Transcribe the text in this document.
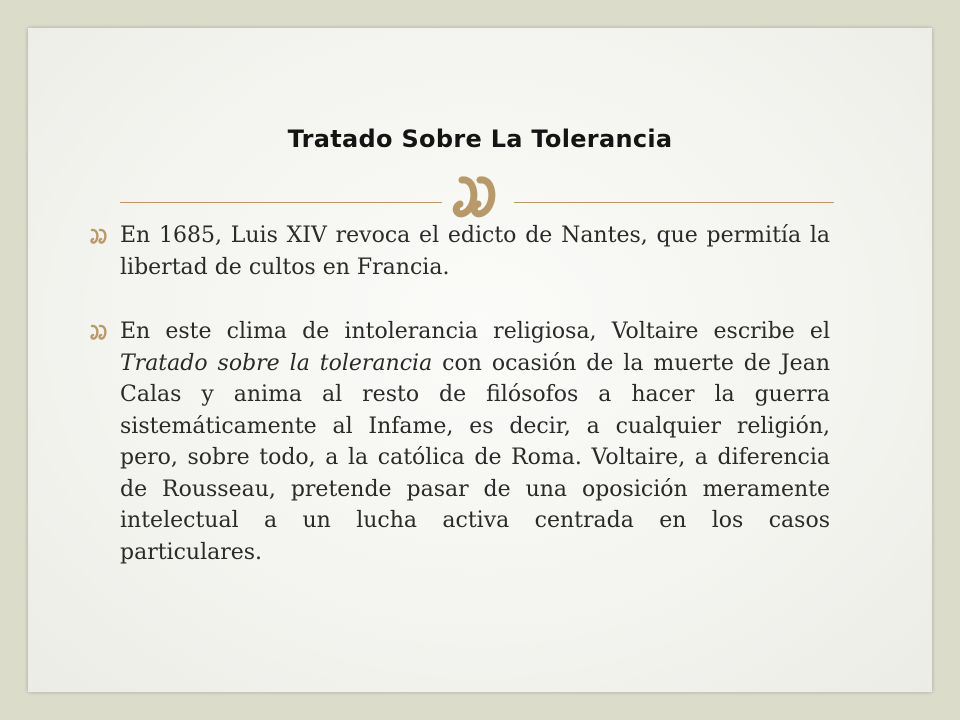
Tratado Sobre La Tolerancia
En 1685, Luis XIV revoca el edicto de Nantes, que permitía la libertad de cultos en Francia.
En este clima de intolerancia religiosa, Voltaire escribe el Tratado sobre la tolerancia con ocasión de la muerte de Jean Calas y anima al resto de filósofos a hacer la guerra sistemáticamente al Infame, es decir, a cualquier religión, pero, sobre todo, a la católica de Roma. Voltaire, a diferencia de Rousseau, pretende pasar de una oposición meramente intelectual a un lucha activa centrada en los casos particulares.
